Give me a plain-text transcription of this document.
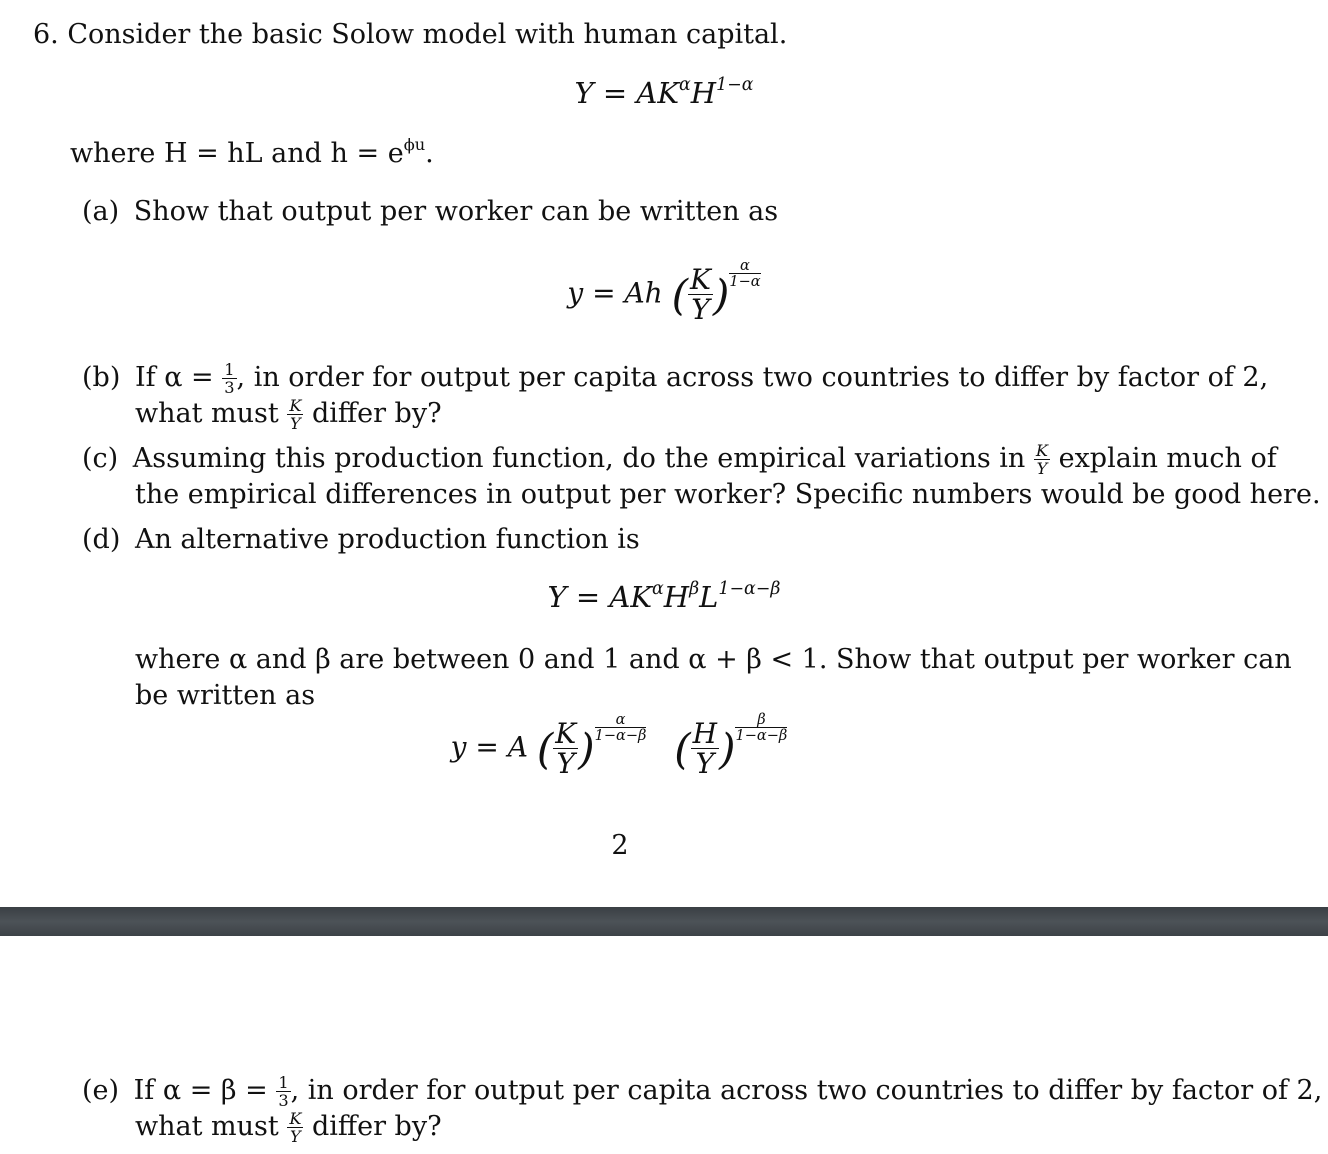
6. Consider the basic Solow model with human capital.
$Y = AK^\alpha H^{1-\alpha}$
where H = hL and $h = e^{\phi u}$.
(a) Show that output per worker can be written as
y = Ah ( $\frac{K}{Y}$ ) $\frac{\alpha}{1-\alpha}$
(b) If $\alpha = \frac{1}{3}$ , in order for output per capita across two countries to differ by factor of 2,
what must $\frac{K}{Y}$ differ by?
(c) Assuming this production function, do the empirical variations in $\frac{K}{Y}$ explain much of
the empirical differences in output per worker? Specific numbers would be good here.
(d) An alternative production function is
$Y = AK^\alpha H^\beta L^{1-\alpha-\beta}$
where α and β are between 0 and 1 and α + β < 1. Show that output per worker can
be written as
y = A ( $\frac{K}{Y}$ ) $\frac{\alpha}{1-\alpha-\beta}$ ( $\frac{H}{Y}$ ) $\frac{\beta}{1-\alpha-\beta}$
2
(e) If $\alpha = \beta = \frac{1}{3}$ , in order for output per capita across two countries to differ by factor of 2,
what must $\frac{K}{Y}$ differ by?
